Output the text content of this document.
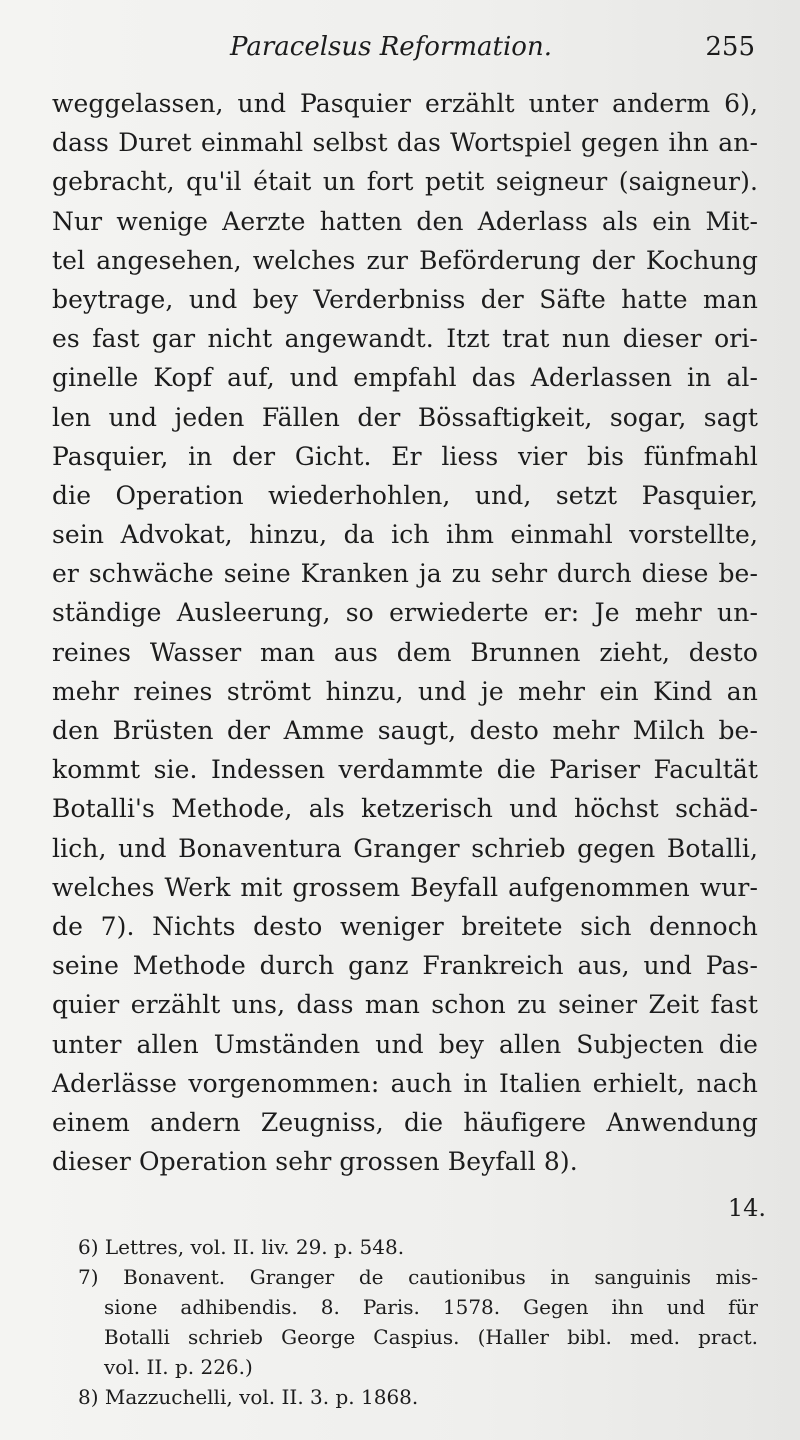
Paracelsus Reformation.	255
weggelassen, und Pasquier erzählt unter anderm 6),
dass Duret einmahl selbst das Wortspiel gegen ihn an-
gebracht, qu'il était un fort petit seigneur (saigneur).
Nur wenige Aerzte hatten den Aderlass als ein Mit-
tel angesehen, welches zur Beförderung der Kochung
beytrage, und bey Verderbniss der Säfte hatte man
es fast gar nicht angewandt. Itzt trat nun dieser ori-
ginelle Kopf auf, und empfahl das Aderlassen in al-
len und jeden Fällen der Bössaftigkeit, sogar, sagt
Pasquier, in der Gicht. Er liess vier bis fünfmahl
die Operation wiederhohlen, und, setzt Pasquier,
sein Advokat, hinzu, da ich ihm einmahl vorstellte,
er schwäche seine Kranken ja zu sehr durch diese be-
ständige Ausleerung, so erwiederte er: Je mehr un-
reines Wasser man aus dem Brunnen zieht, desto
mehr reines strömt hinzu, und je mehr ein Kind an
den Brüsten der Amme saugt, desto mehr Milch be-
kommt sie. Indessen verdammte die Pariser Facultät
Botalli's Methode, als ketzerisch und höchst schäd-
lich, und Bonaventura Granger schrieb gegen Botalli,
welches Werk mit grossem Beyfall aufgenommen wur-
de 7). Nichts desto weniger breitete sich dennoch
seine Methode durch ganz Frankreich aus, und Pas-
quier erzählt uns, dass man schon zu seiner Zeit fast
unter allen Umständen und bey allen Subjecten die
Aderlässe vorgenommen: auch in Italien erhielt, nach
einem andern Zeugniss, die häufigere Anwendung
dieser Operation sehr grossen Beyfall 8).
14.
6) Lettres, vol. II. liv. 29. p. 548.
7) Bonavent. Granger de cautionibus in sanguinis mis-
sione adhibendis. 8. Paris. 1578. Gegen ihn und für
Botalli schrieb George Caspius. (Haller bibl. med. pract.
vol. II. p. 226.)
8) Mazzuchelli, vol. II. 3. p. 1868.
